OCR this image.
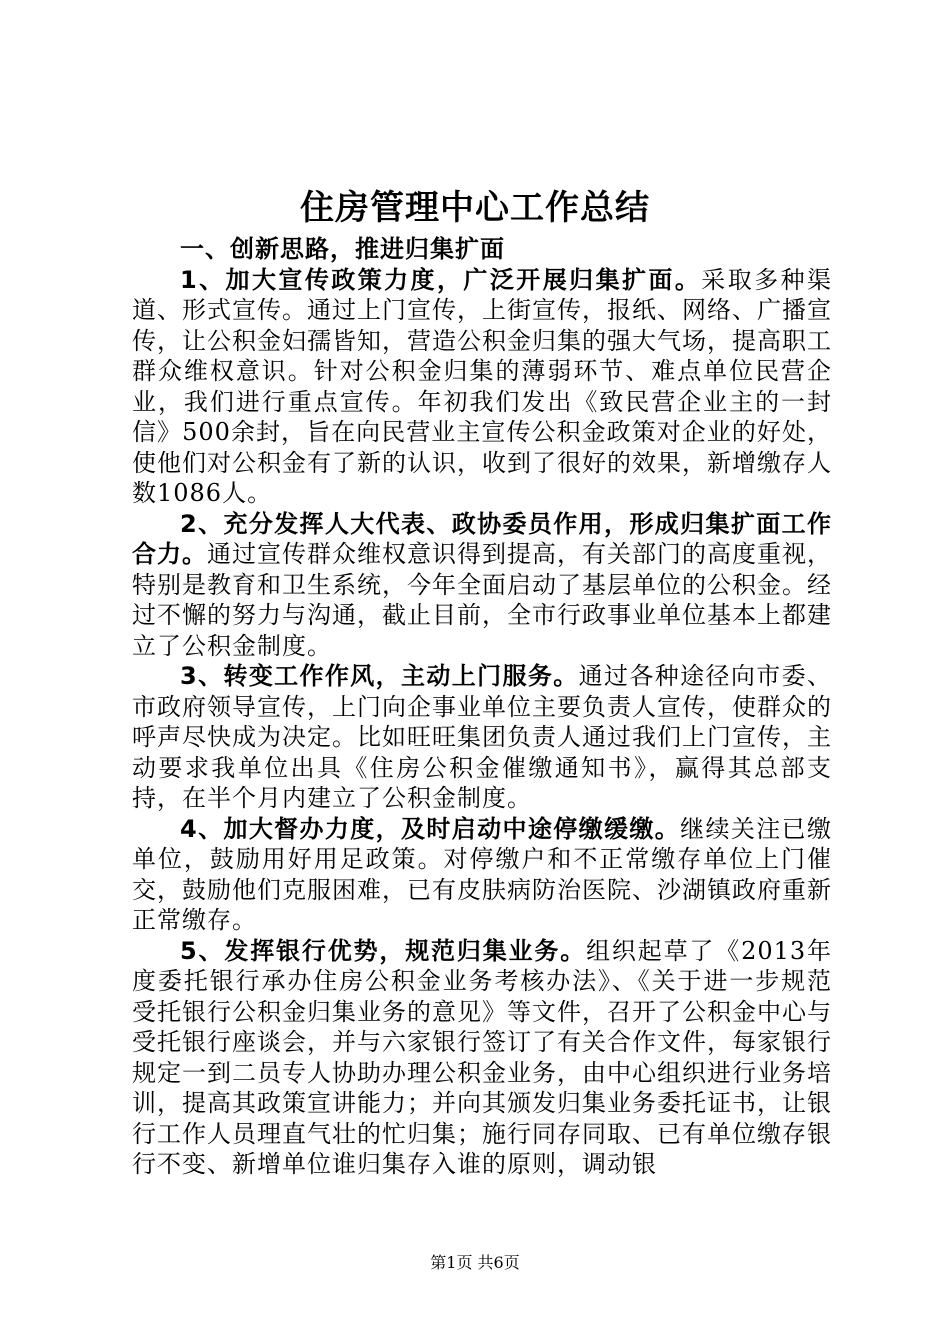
住房管理中心工作总结

一、创新思路，推进归集扩面

1、加大宣传政策力度，广泛开展归集扩面。采取多种渠道、形式宣传。通过上门宣传，上街宣传，报纸、网络、广播宣传，让公积金妇孺皆知，营造公积金归集的强大气场，提高职工群众维权意识。针对公积金归集的薄弱环节、难点单位民营企业，我们进行重点宣传。年初我们发出《致民营企业主的一封信》500余封，旨在向民营业主宣传公积金政策对企业的好处，使他们对公积金有了新的认识，收到了很好的效果，新增缴存人数1086人。

2、充分发挥人大代表、政协委员作用，形成归集扩面工作合力。通过宣传群众维权意识得到提高，有关部门的高度重视，特别是教育和卫生系统，今年全面启动了基层单位的公积金。经过不懈的努力与沟通，截止目前，全市行政事业单位基本上都建立了公积金制度。

3、转变工作作风，主动上门服务。通过各种途径向市委、市政府领导宣传，上门向企事业单位主要负责人宣传，使群众的呼声尽快成为决定。比如旺旺集团负责人通过我们上门宣传，主动要求我单位出具《住房公积金催缴通知书》，赢得其总部支持，在半个月内建立了公积金制度。

4、加大督办力度，及时启动中途停缴缓缴。继续关注已缴单位，鼓励用好用足政策。对停缴户和不正常缴存单位上门催交，鼓励他们克服困难，已有皮肤病防治医院、沙湖镇政府重新正常缴存。

5、发挥银行优势，规范归集业务。组织起草了《2013年度委托银行承办住房公积金业务考核办法》、《关于进一步规范受托银行公积金归集业务的意见》等文件，召开了公积金中心与受托银行座谈会，并与六家银行签订了有关合作文件，每家银行规定一到二员专人协助办理公积金业务，由中心组织进行业务培训，提高其政策宣讲能力；并向其颁发归集业务委托证书，让银行工作人员理直气壮的忙归集；施行同存同取、已有单位缴存银行不变、新增单位谁归集存入谁的原则，调动银

第1页 共6页
